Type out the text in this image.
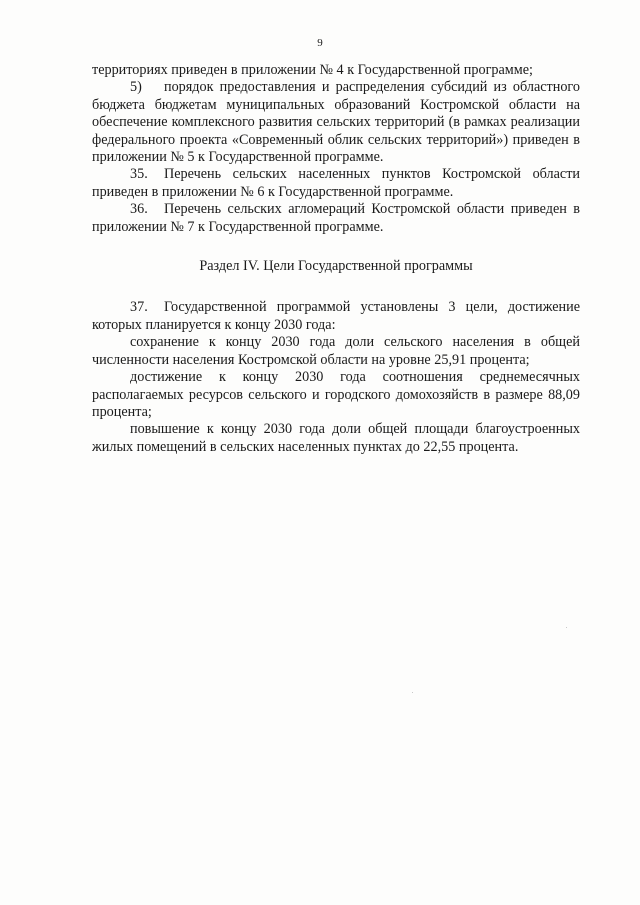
9

территориях приведен в приложении № 4 к Государственной программе;

5) порядок предоставления и распределения субсидий из областного бюджета бюджетам муниципальных образований Костромской области на обеспечение комплексного развития сельских территорий (в рамках реализации федерального проекта «Современный облик сельских территорий») приведен в приложении № 5 к Государственной программе.

35. Перечень сельских населенных пунктов Костромской области приведен в приложении № 6 к Государственной программе.

36. Перечень сельских агломераций Костромской области приведен в приложении № 7 к Государственной программе.

Раздел IV. Цели Государственной программы

37. Государственной программой установлены 3 цели, достижение которых планируется к концу 2030 года:

сохранение к концу 2030 года доли сельского населения в общей численности населения Костромской области на уровне 25,91 процента;

достижение к концу 2030 года соотношения среднемесячных располагаемых ресурсов сельского и городского домохозяйств в размере 88,09 процента;

повышение к концу 2030 года доли общей площади благоустроенных жилых помещений в сельских населенных пунктах до 22,55 процента.
